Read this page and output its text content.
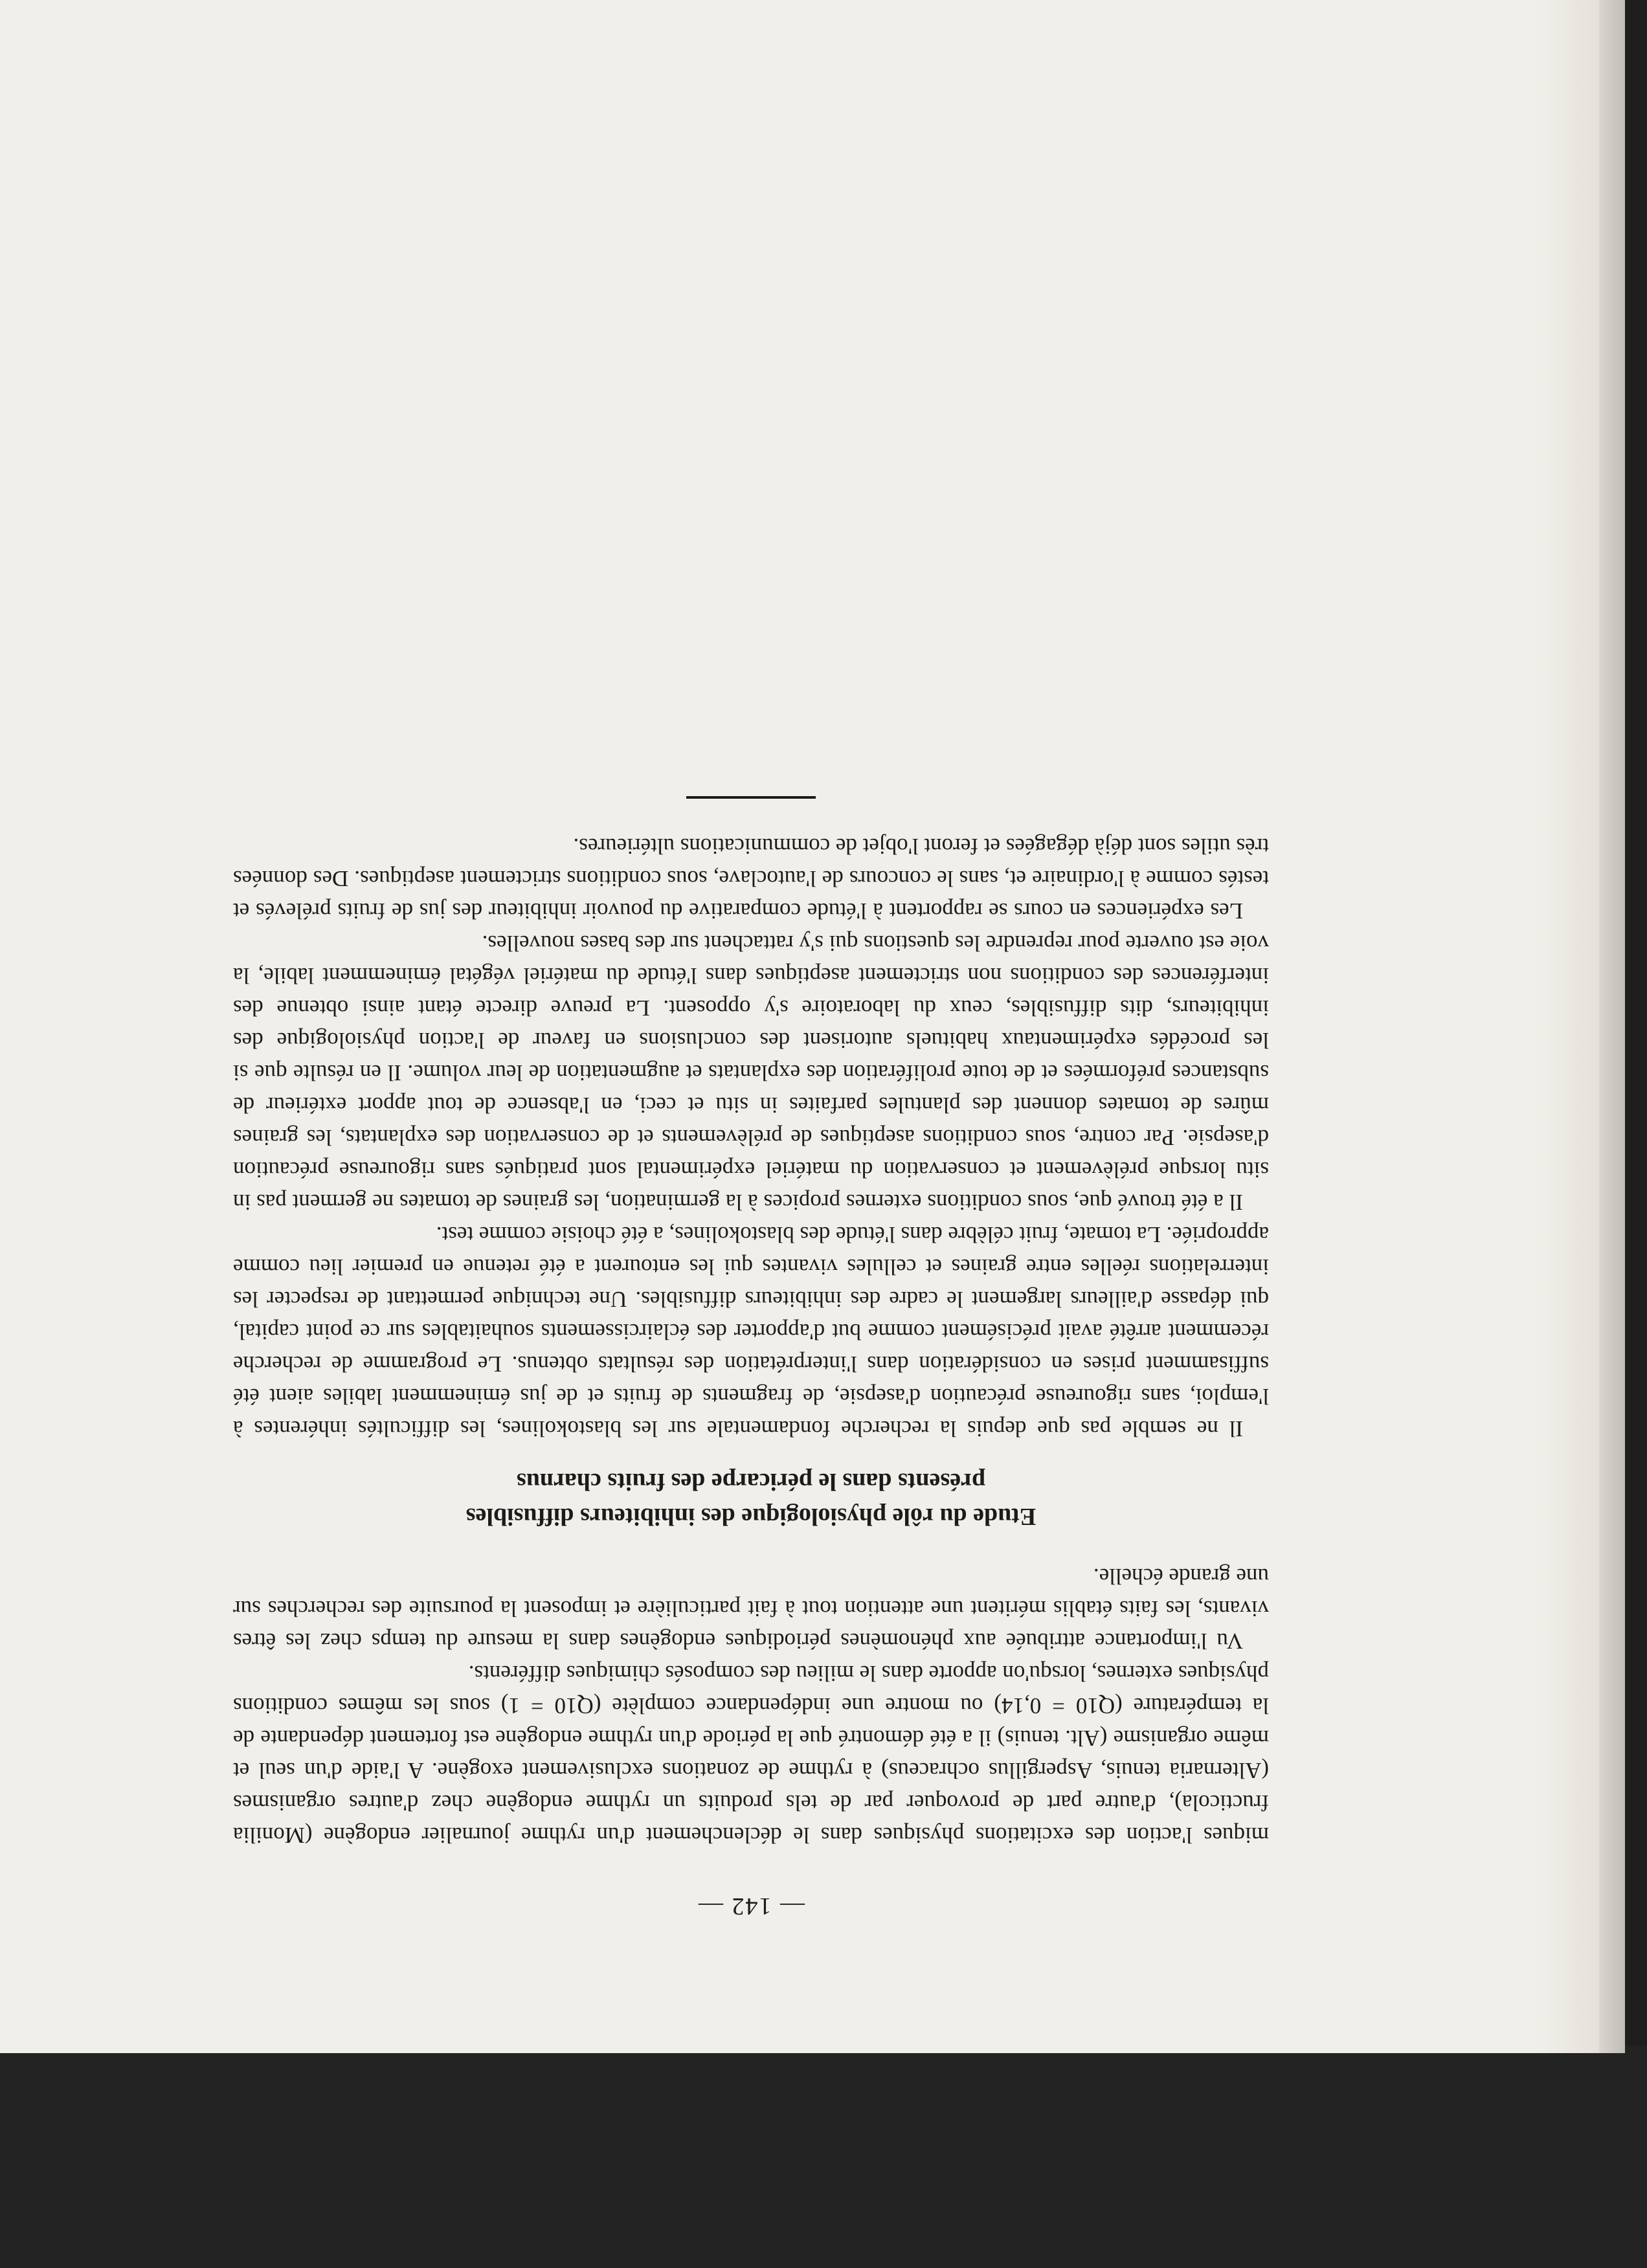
— 142 —

miques l'action des excitations physiques dans le déclenchement d'un rythme journalier endogène (Monilia fructicola), d'autre part de provoquer par de tels produits un rythme endogène chez d'autres organismes (Alternaria tenuis, Aspergillus ochraceus) à rythme de zonations exclusivement exogène. A l'aide d'un seul et même organisme (Alt. tenuis) il a été démontré que la période d'un rythme endogène est fortement dépendante de la température (Q10 = 0,14) ou montre une indépendance complète (Q10 = 1) sous les mêmes conditions physiques externes, lorsqu'on apporte dans le milieu des composés chimiques différents.

Vu l'importance attribuée aux phénomènes périodiques endogènes dans la mesure du temps chez les êtres vivants, les faits établis méritent une attention tout à fait particulière et imposent la poursuite des recherches sur une grande échelle.

Etude du rôle physiologique des inhibiteurs diffusibles
présents dans le péricarpe des fruits charnus

Il ne semble pas que depuis la recherche fondamentale sur les blastokolines, les difficultés inhérentes à l'emploi, sans rigoureuse précaution d'asepsie, de fragments de fruits et de jus éminemment labiles aient été suffisamment prises en considération dans l'interprétation des résultats obtenus. Le programme de recherche récemment arrêté avait précisément comme but d'apporter des éclaircissements souhaitables sur ce point capital, qui dépasse d'ailleurs largement le cadre des inhibiteurs diffusibles. Une technique permettant de respecter les interrelations réelles entre graines et cellules vivantes qui les entourent a été retenue en premier lieu comme appropriée. La tomate, fruit célèbre dans l'étude des blastokolines, a été choisie comme test.

Il a été trouvé que, sous conditions externes propices à la germination, les graines de tomates ne germent pas in situ lorsque prélèvement et conservation du matériel expérimental sont pratiqués sans rigoureuse précaution d'asepsie. Par contre, sous conditions aseptiques de prélèvements et de conservation des explantats, les graines mûres de tomates donnent des plantules parfaites in situ et ceci, en l'absence de tout apport extérieur de substances préformées et de toute prolifération des explantats et augmentation de leur volume. Il en résulte que si les procédés expérimentaux habituels autorisent des conclusions en faveur de l'action physiologique des inhibiteurs, dits diffusibles, ceux du laboratoire s'y opposent. La preuve directe étant ainsi obtenue des interférences des conditions non strictement aseptiques dans l'étude du matériel végétal éminemment labile, la voie est ouverte pour reprendre les questions qui s'y rattachent sur des bases nouvelles.

Les expériences en cours se rapportent à l'étude comparative du pouvoir inhibiteur des jus de fruits prélevés et testés comme à l'ordinaire et, sans le concours de l'autoclave, sous conditions strictement aseptiques. Des données très utiles sont déjà dégagées et feront l'objet de communications ultérieures.
